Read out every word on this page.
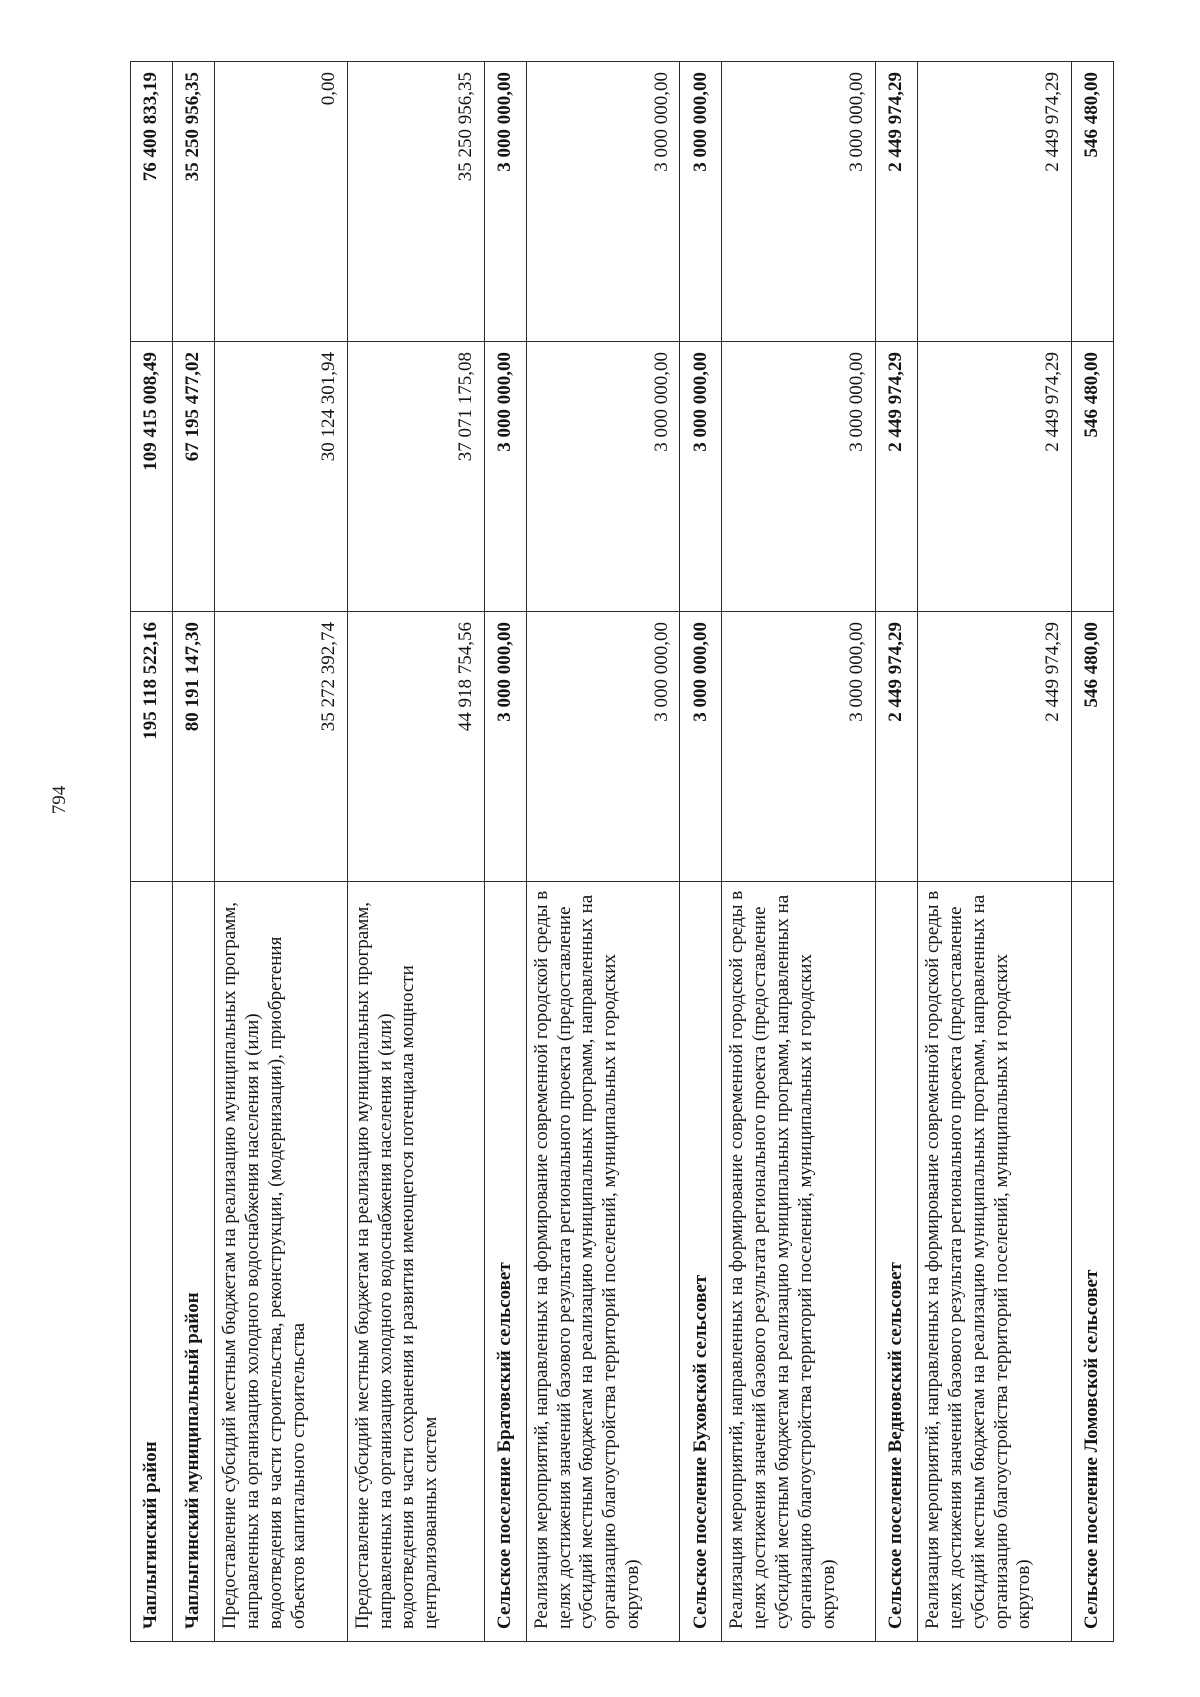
794
Чаплыгинский район	195 118 522,16	109 415 008,49	76 400 833,19
Чаплыгинский муниципальный район	80 191 147,30	67 195 477,02	35 250 956,35
Предоставление субсидий местным бюджетам на реализацию муниципальных программ, направленных на организацию холодного водоснабжения населения и (или) водоотведения в части строительства, реконструкции, (модернизации), приобретения объектов капитального строительства	35 272 392,74	30 124 301,94	0,00
Предоставление субсидий местным бюджетам на реализацию муниципальных программ, направленных на организацию холодного водоснабжения населения и (или) водоотведения в части сохранения и развития имеющегося потенциала мощности централизованных систем	44 918 754,56	37 071 175,08	35 250 956,35
Сельское поселение Братовский сельсовет	3 000 000,00	3 000 000,00	3 000 000,00
Реализация мероприятий, направленных на формирование современной городской среды в целях достижения значений базового результата регионального проекта (предоставление субсидий местным бюджетам на реализацию муниципальных программ, направленных на организацию благоустройства территорий поселений, муниципальных и городских округов)	3 000 000,00	3 000 000,00	3 000 000,00
Сельское поселение Буховской сельсовет	3 000 000,00	3 000 000,00	3 000 000,00
Реализация мероприятий, направленных на формирование современной городской среды в целях достижения значений базового результата регионального проекта (предоставление субсидий местным бюджетам на реализацию муниципальных программ, направленных на организацию благоустройства территорий поселений, муниципальных и городских округов)	3 000 000,00	3 000 000,00	3 000 000,00
Сельское поселение Ведновский сельсовет	2 449 974,29	2 449 974,29	2 449 974,29
Реализация мероприятий, направленных на формирование современной городской среды в целях достижения значений базового результата регионального проекта (предоставление субсидий местным бюджетам на реализацию муниципальных программ, направленных на организацию благоустройства территорий поселений, муниципальных и городских округов)	2 449 974,29	2 449 974,29	2 449 974,29
Сельское поселение Ломовской сельсовет	546 480,00	546 480,00	546 480,00
